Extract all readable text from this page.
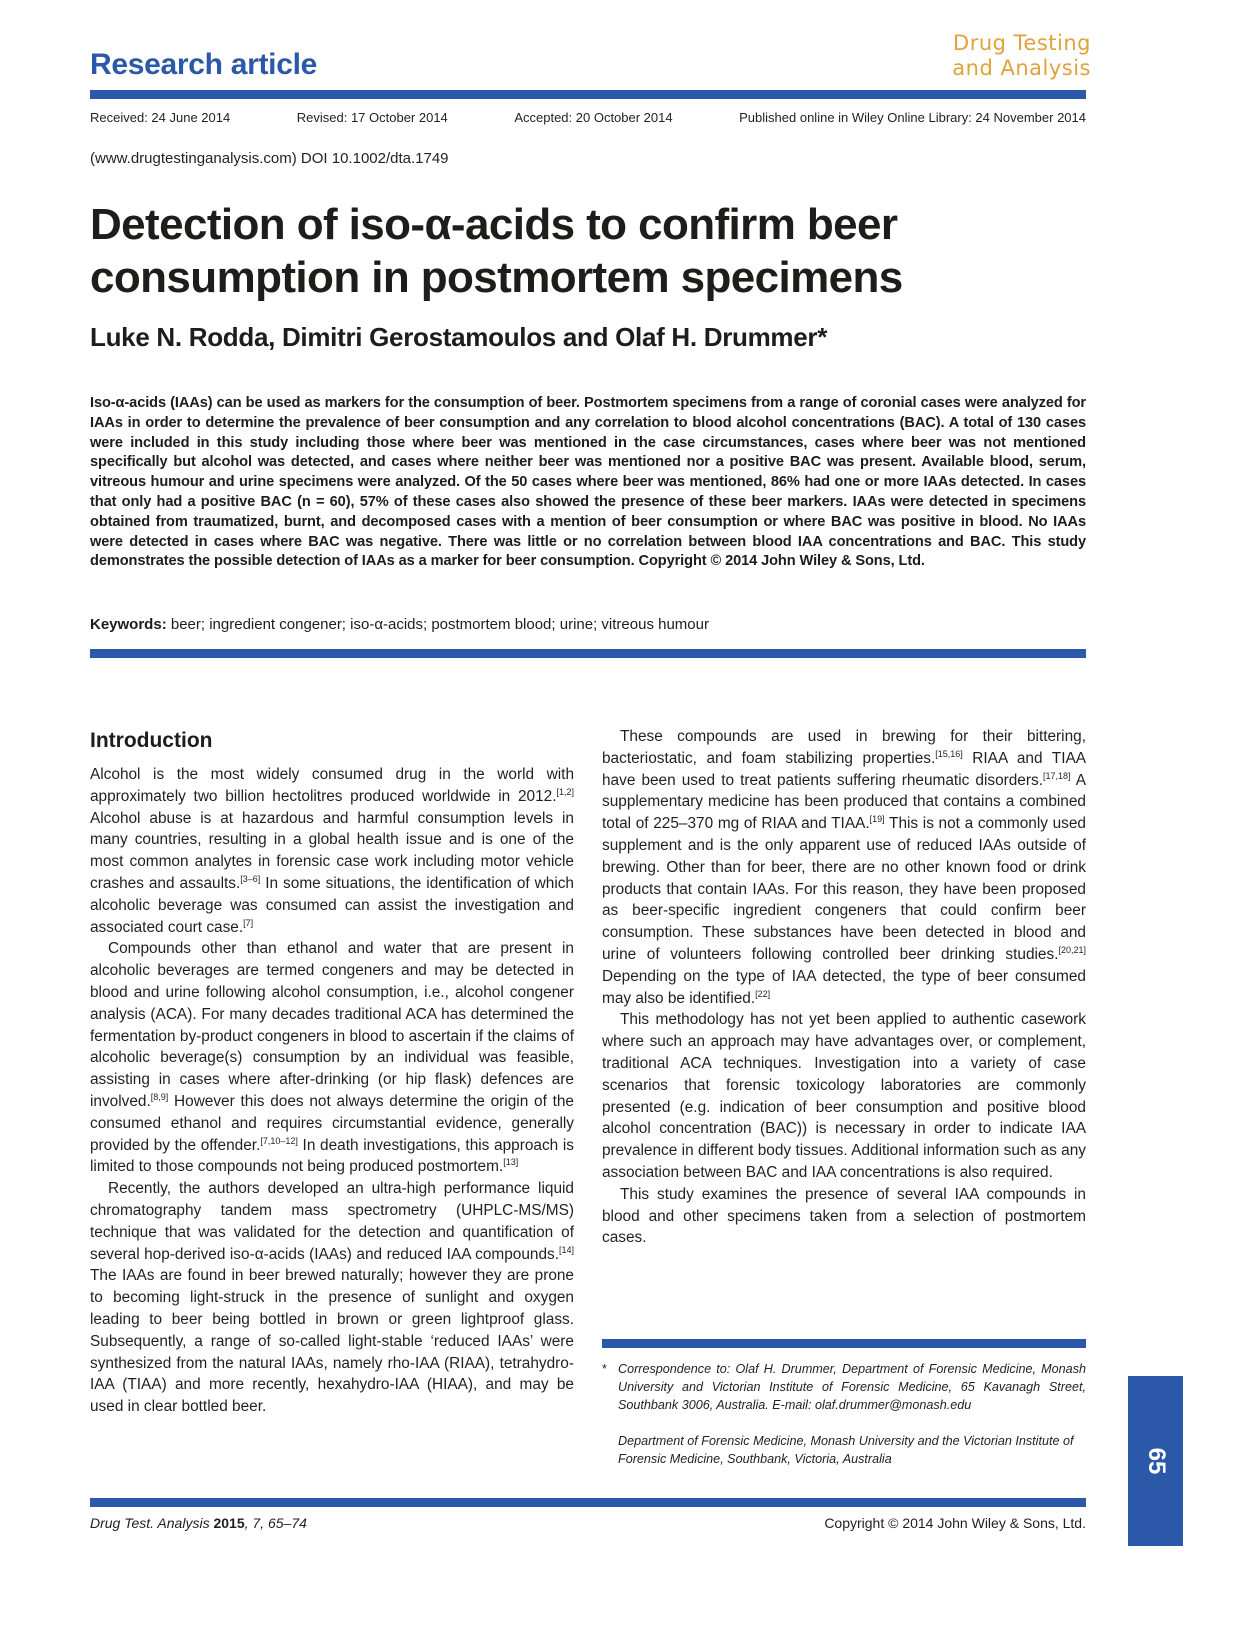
Research article
Drug Testing
and Analysis
Received: 24 June 2014	Revised: 17 October 2014	Accepted: 20 October 2014	Published online in Wiley Online Library: 24 November 2014
(www.drugtestinganalysis.com) DOI 10.1002/dta.1749
Detection of iso-α-acids to confirm beer consumption in postmortem specimens
Luke N. Rodda, Dimitri Gerostamoulos and Olaf H. Drummer*

Iso-α-acids (IAAs) can be used as markers for the consumption of beer. Postmortem specimens from a range of coronial cases were analyzed for IAAs in order to determine the prevalence of beer consumption and any correlation to blood alcohol concentrations (BAC). A total of 130 cases were included in this study including those where beer was mentioned in the case circumstances, cases where beer was not mentioned specifically but alcohol was detected, and cases where neither beer was mentioned nor a positive BAC was present. Available blood, serum, vitreous humour and urine specimens were analyzed. Of the 50 cases where beer was mentioned, 86% had one or more IAAs detected. In cases that only had a positive BAC (n = 60), 57% of these cases also showed the presence of these beer markers. IAAs were detected in specimens obtained from traumatized, burnt, and decomposed cases with a mention of beer consumption or where BAC was positive in blood. No IAAs were detected in cases where BAC was negative. There was little or no correlation between blood IAA concentrations and BAC. This study demonstrates the possible detection of IAAs as a marker for beer consumption. Copyright © 2014 John Wiley & Sons, Ltd.

Keywords: beer; ingredient congener; iso-α-acids; postmortem blood; urine; vitreous humour
Introduction

Alcohol is the most widely consumed drug in the world with approximately two billion hectolitres produced worldwide in 2012.[1,2] Alcohol abuse is at hazardous and harmful consumption levels in many countries, resulting in a global health issue and is one of the most common analytes in forensic case work including motor vehicle crashes and assaults.[3–6] In some situations, the identification of which alcoholic beverage was consumed can assist the investigation and associated court case.[7]

Compounds other than ethanol and water that are present in alcoholic beverages are termed congeners and may be detected in blood and urine following alcohol consumption, i.e., alcohol congener analysis (ACA). For many decades traditional ACA has determined the fermentation by-product congeners in blood to ascertain if the claims of alcoholic beverage(s) consumption by an individual was feasible, assisting in cases where after-drinking (or hip flask) defences are involved.[8,9] However this does not always determine the origin of the consumed ethanol and requires circumstantial evidence, generally provided by the offender.[7,10–12] In death investigations, this approach is limited to those compounds not being produced postmortem.[13]

Recently, the authors developed an ultra-high performance liquid chromatography tandem mass spectrometry (UHPLC-MS/MS) technique that was validated for the detection and quantification of several hop-derived iso-α-acids (IAAs) and reduced IAA compounds.[14] The IAAs are found in beer brewed naturally; however they are prone to becoming light-struck in the presence of sunlight and oxygen leading to beer being bottled in brown or green lightproof glass. Subsequently, a range of so-called light-stable ‘reduced IAAs’ were synthesized from the natural IAAs, namely rho-IAA (RIAA), tetrahydro-IAA (TIAA) and more recently, hexahydro-IAA (HIAA), and may be used in clear bottled beer.

These compounds are used in brewing for their bittering, bacteriostatic, and foam stabilizing properties.[15,16] RIAA and TIAA have been used to treat patients suffering rheumatic disorders.[17,18] A supplementary medicine has been produced that contains a combined total of 225–370 mg of RIAA and TIAA.[19] This is not a commonly used supplement and is the only apparent use of reduced IAAs outside of brewing. Other than for beer, there are no other known food or drink products that contain IAAs. For this reason, they have been proposed as beer-specific ingredient congeners that could confirm beer consumption. These substances have been detected in blood and urine of volunteers following controlled beer drinking studies.[20,21] Depending on the type of IAA detected, the type of beer consumed may also be identified.[22]

This methodology has not yet been applied to authentic casework where such an approach may have advantages over, or complement, traditional ACA techniques. Investigation into a variety of case scenarios that forensic toxicology laboratories are commonly presented (e.g. indication of beer consumption and positive blood alcohol concentration (BAC)) is necessary in order to indicate IAA prevalence in different body tissues. Additional information such as any association between BAC and IAA concentrations is also required.

This study examines the presence of several IAA compounds in blood and other specimens taken from a selection of postmortem cases.

* Correspondence to: Olaf H. Drummer, Department of Forensic Medicine, Monash University and Victorian Institute of Forensic Medicine, 65 Kavanagh Street, Southbank 3006, Australia. E-mail: olaf.drummer@monash.edu
Department of Forensic Medicine, Monash University and the Victorian Institute of Forensic Medicine, Southbank, Victoria, Australia
Drug Test. Analysis 2015, 7, 65–74	Copyright © 2014 John Wiley & Sons, Ltd.
65
